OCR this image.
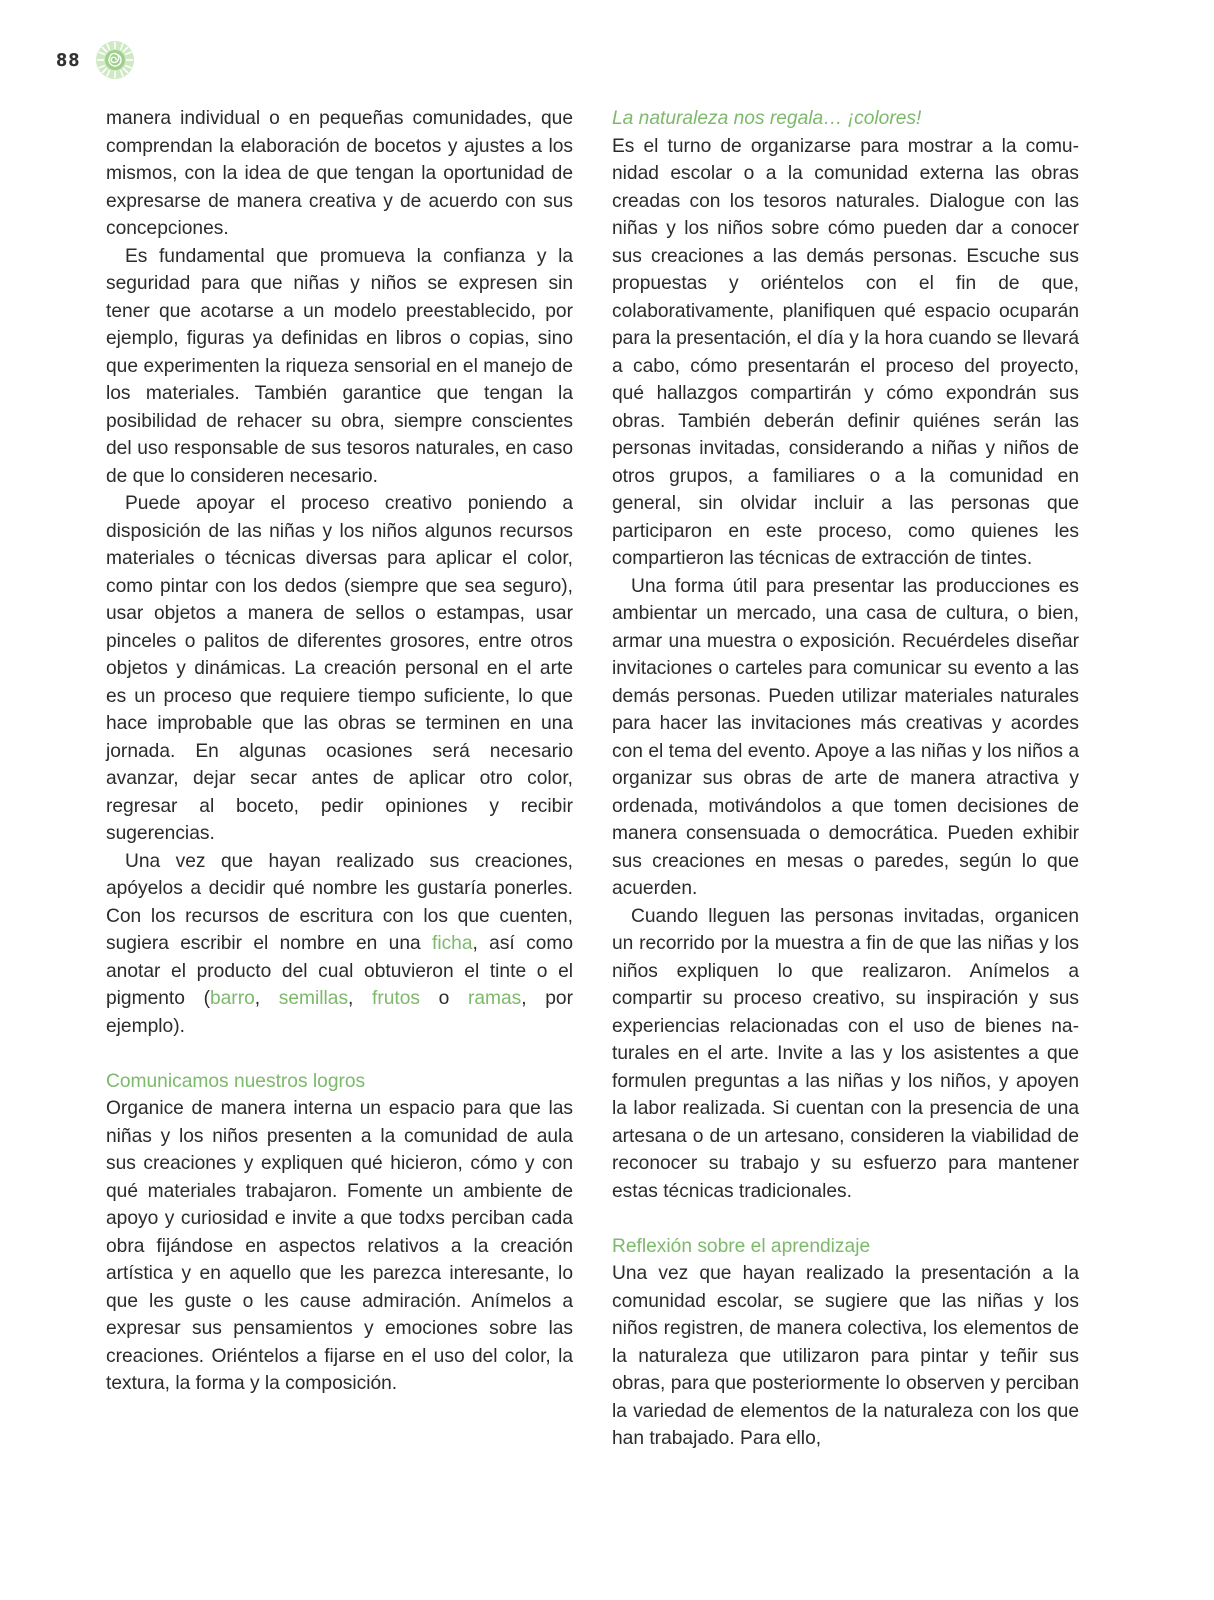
88

manera individual o en pequeñas comunidades, que comprendan la elaboración de bocetos y ajustes a los mismos, con la idea de que tengan la oportunidad de expresarse de manera creativa y de acuerdo con sus concepciones.

Es fundamental que promueva la confianza y la seguridad para que niñas y niños se expresen sin tener que acotarse a un modelo preestablecido, por ejemplo, figuras ya definidas en libros o copias, sino que experimenten la riqueza sensorial en el manejo de los materiales. También garantice que tengan la posibilidad de rehacer su obra, siempre conscientes del uso responsable de sus tesoros naturales, en caso de que lo consideren necesario.

Puede apoyar el proceso creativo poniendo a disposición de las niñas y los niños algunos recursos materiales o técnicas diversas para aplicar el color, como pintar con los dedos (siempre que sea seguro), usar objetos a manera de sellos o estampas, usar pinceles o palitos de diferentes grosores, entre otros objetos y dinámicas. La creación personal en el arte es un proceso que requiere tiempo suficiente, lo que hace improbable que las obras se terminen en una jornada. En algunas ocasiones será necesario avanzar, dejar secar antes de aplicar otro color, regresar al boceto, pedir opiniones y recibir sugerencias.

Una vez que hayan realizado sus creaciones, apóyelos a decidir qué nombre les gustaría ponerles. Con los recursos de escritura con los que cuenten, sugiera escribir el nombre en una ficha, así como anotar el producto del cual obtuvieron el tinte o el pigmento (barro, semillas, frutos o ramas, por ejemplo).

Comunicamos nuestros logros

Organice de manera interna un espacio para que las niñas y los niños presenten a la comunidad de aula sus creaciones y expliquen qué hicieron, cómo y con qué materiales trabajaron. Fomente un ambiente de apoyo y curiosidad e invite a que todxs perciban cada obra fijándose en aspectos relativos a la creación artística y en aquello que les parezca interesante, lo que les guste o les cause admiración. Anímelos a expresar sus pensamientos y emociones sobre las creaciones. Oriéntelos a fijarse en el uso del color, la textura, la forma y la composición.

La naturaleza nos regala… ¡colores!

Es el turno de organizarse para mostrar a la comunidad escolar o a la comunidad externa las obras creadas con los tesoros naturales. Dialogue con las niñas y los niños sobre cómo pueden dar a conocer sus creaciones a las demás personas. Escuche sus propuestas y oriéntelos con el fin de que, colaborativamente, planifiquen qué espacio ocuparán para la presentación, el día y la hora cuando se llevará a cabo, cómo presentarán el proceso del proyecto, qué hallazgos compartirán y cómo expondrán sus obras. También deberán definir quiénes serán las personas invitadas, considerando a niñas y niños de otros grupos, a familiares o a la comunidad en general, sin olvidar incluir a las personas que participaron en este proceso, como quienes les compartieron las técnicas de extracción de tintes.

Una forma útil para presentar las producciones es ambientar un mercado, una casa de cultura, o bien, armar una muestra o exposición. Recuérdeles diseñar invitaciones o carteles para comunicar su evento a las demás personas. Pueden utilizar materiales naturales para hacer las invitaciones más creativas y acordes con el tema del evento. Apoye a las niñas y los niños a organizar sus obras de arte de manera atractiva y ordenada, motivándolos a que tomen decisiones de manera consensuada o democrática. Pueden exhibir sus creaciones en mesas o paredes, según lo que acuerden.

Cuando lleguen las personas invitadas, organicen un recorrido por la muestra a fin de que las niñas y los niños expliquen lo que realizaron. Anímelos a compartir su proceso creativo, su inspiración y sus experiencias relacionadas con el uso de bienes naturales en el arte. Invite a las y los asistentes a que formulen preguntas a las niñas y los niños, y apoyen la labor realizada. Si cuentan con la presencia de una artesana o de un artesano, consideren la viabilidad de reconocer su trabajo y su esfuerzo para mantener estas técnicas tradicionales.

Reflexión sobre el aprendizaje

Una vez que hayan realizado la presentación a la comunidad escolar, se sugiere que las niñas y los niños registren, de manera colectiva, los elementos de la naturaleza que utilizaron para pintar y teñir sus obras, para que posteriormente lo observen y perciban la variedad de elementos de la naturaleza con los que han trabajado. Para ello,
